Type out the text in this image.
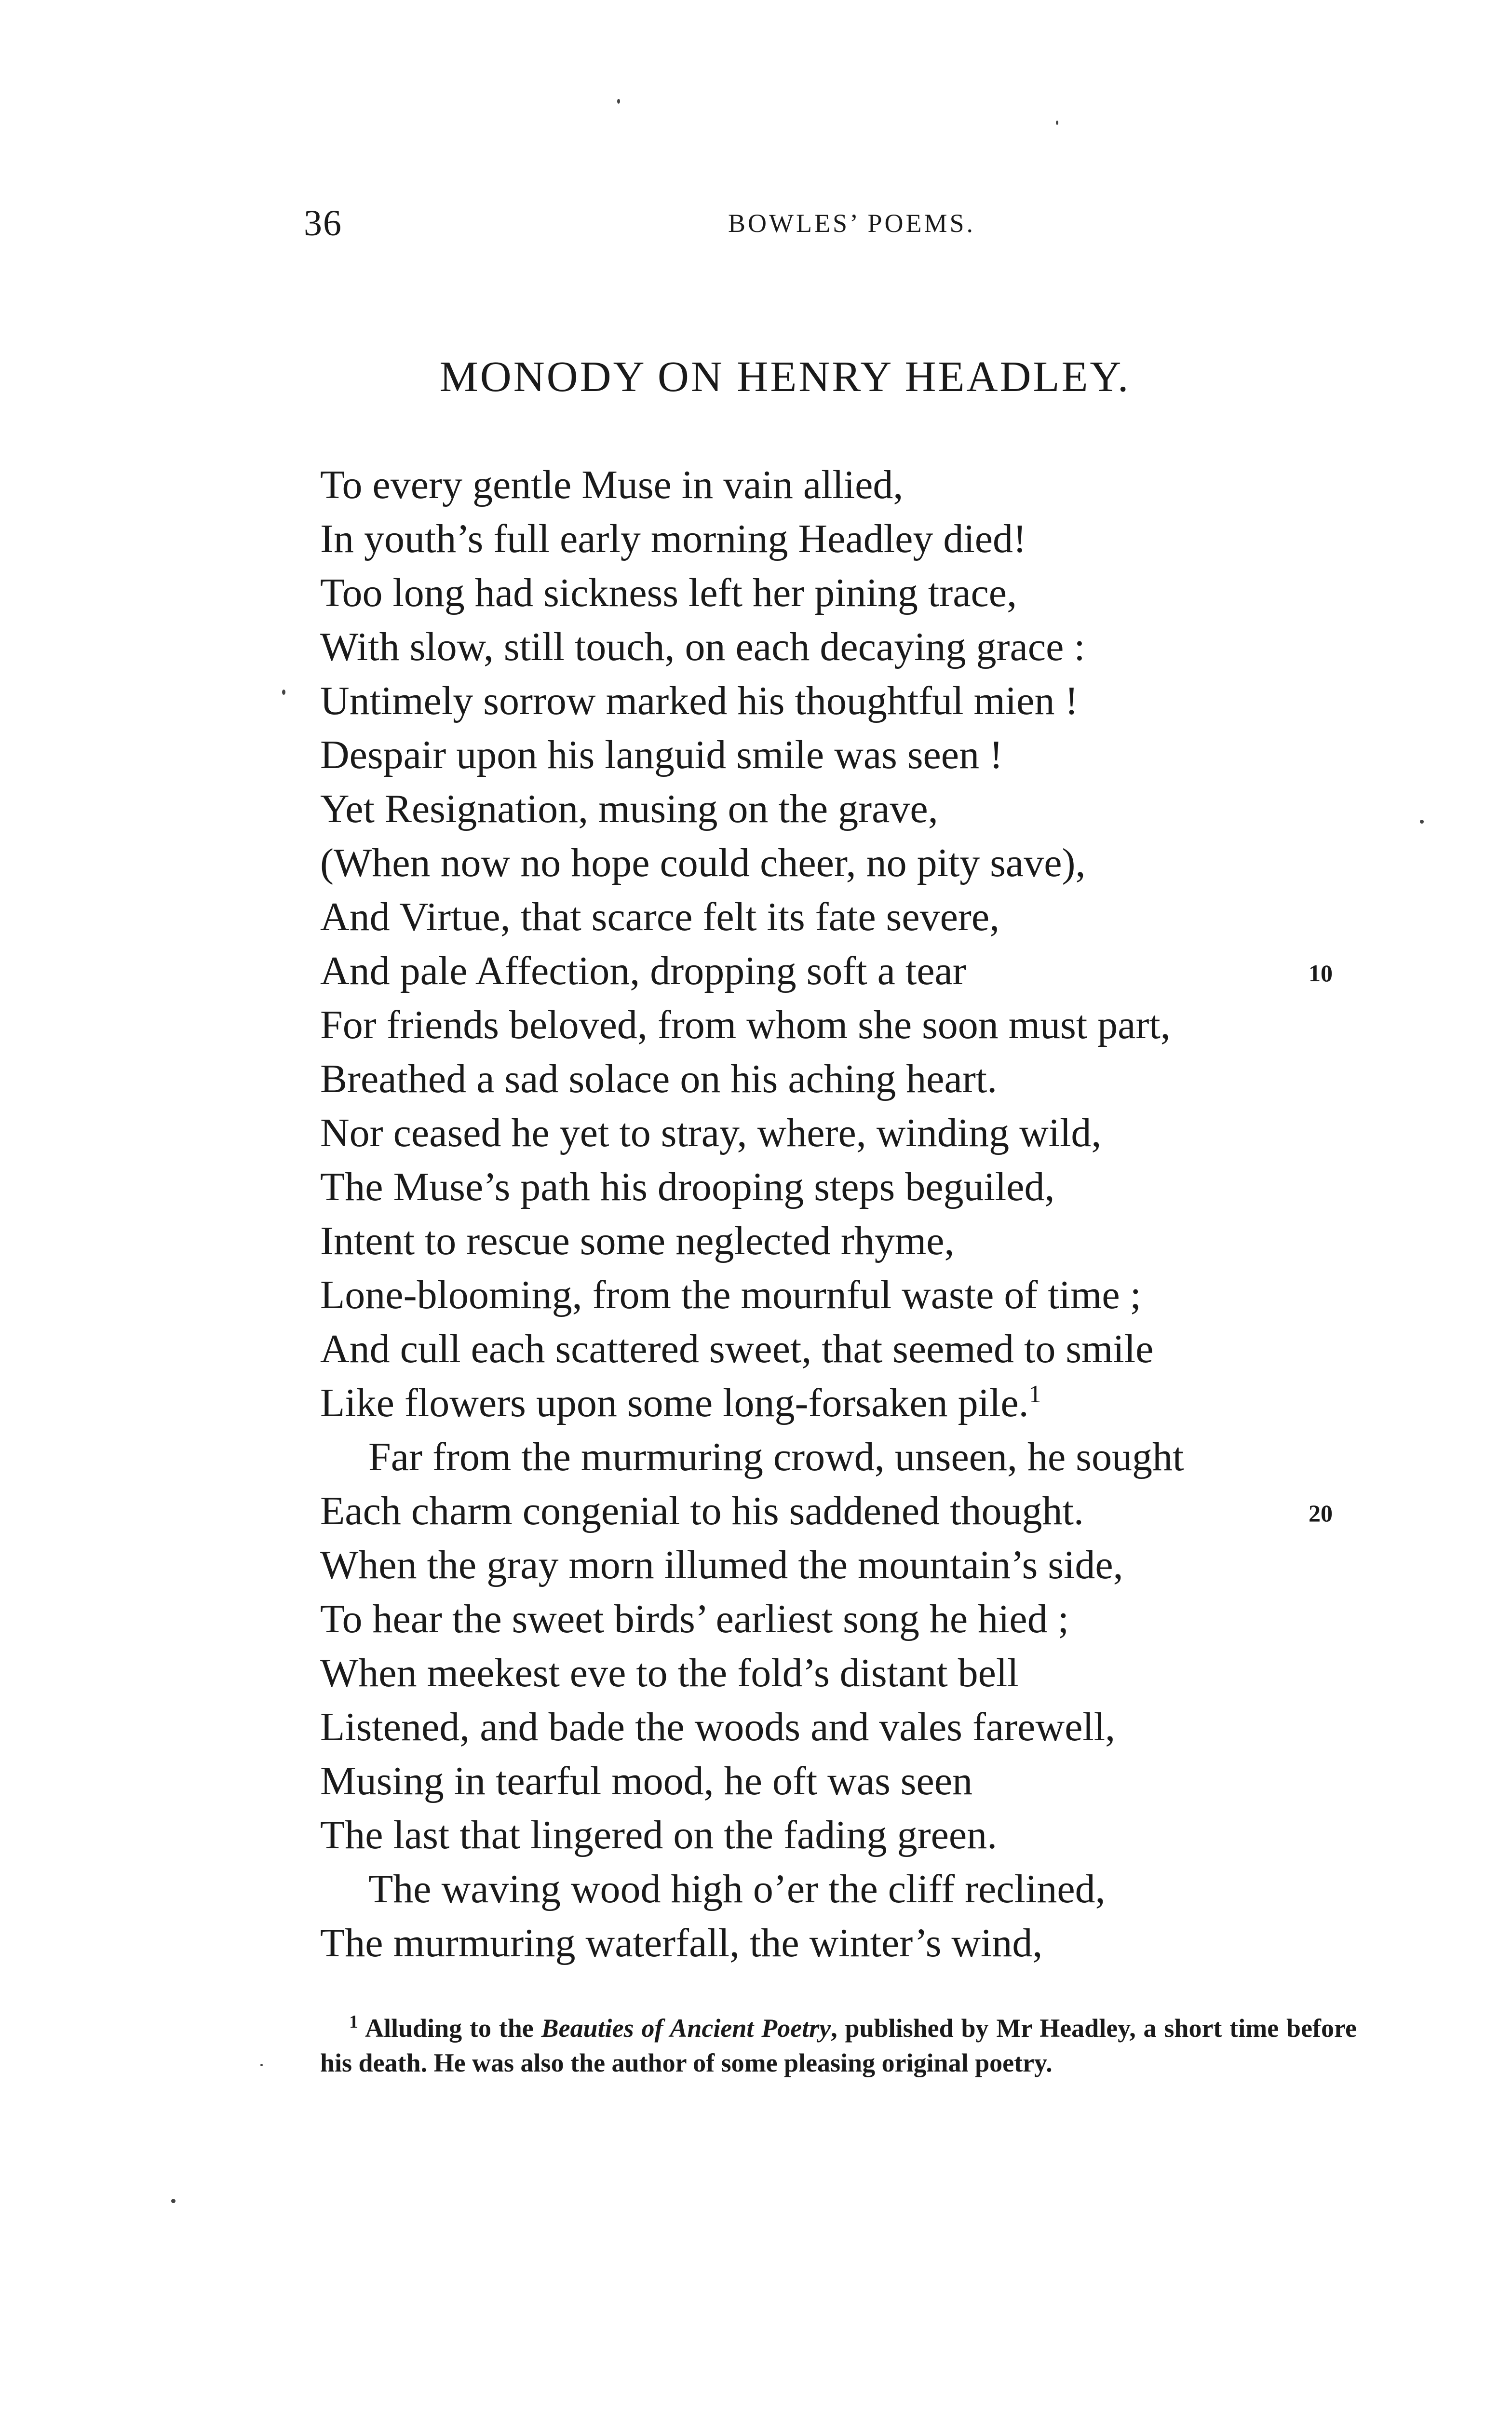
36	BOWLES’ POEMS.
MONODY ON HENRY HEADLEY.
To every gentle Muse in vain allied,
In youth’s full early morning Headley died!
Too long had sickness left her pining trace,
With slow, still touch, on each decaying grace :
Untimely sorrow marked his thoughtful mien !
Despair upon his languid smile was seen !
Yet Resignation, musing on the grave,
(When now no hope could cheer, no pity save),
And Virtue, that scarce felt its fate severe,
And pale Affection, dropping soft a tear	10
For friends beloved, from whom she soon must part,
Breathed a sad solace on his aching heart.
Nor ceased he yet to stray, where, winding wild,
The Muse’s path his drooping steps beguiled,
Intent to rescue some neglected rhyme,
Lone-blooming, from the mournful waste of time ;
And cull each scattered sweet, that seemed to smile
Like flowers upon some long-forsaken pile.$^1$
Far from the murmuring crowd, unseen, he sought
Each charm congenial to his saddened thought.	20
When the gray morn illumed the mountain’s side,
To hear the sweet birds’ earliest song he hied ;
When meekest eve to the fold’s distant bell
Listened, and bade the woods and vales farewell,
Musing in tearful mood, he oft was seen
The last that lingered on the fading green.
The waving wood high o’er the cliff reclined,
The murmuring waterfall, the winter’s wind,
$^1$ Alluding to the Beauties of Ancient Poetry, published by Mr Headley, a short time before his death. He was also the author of some pleasing original poetry.
